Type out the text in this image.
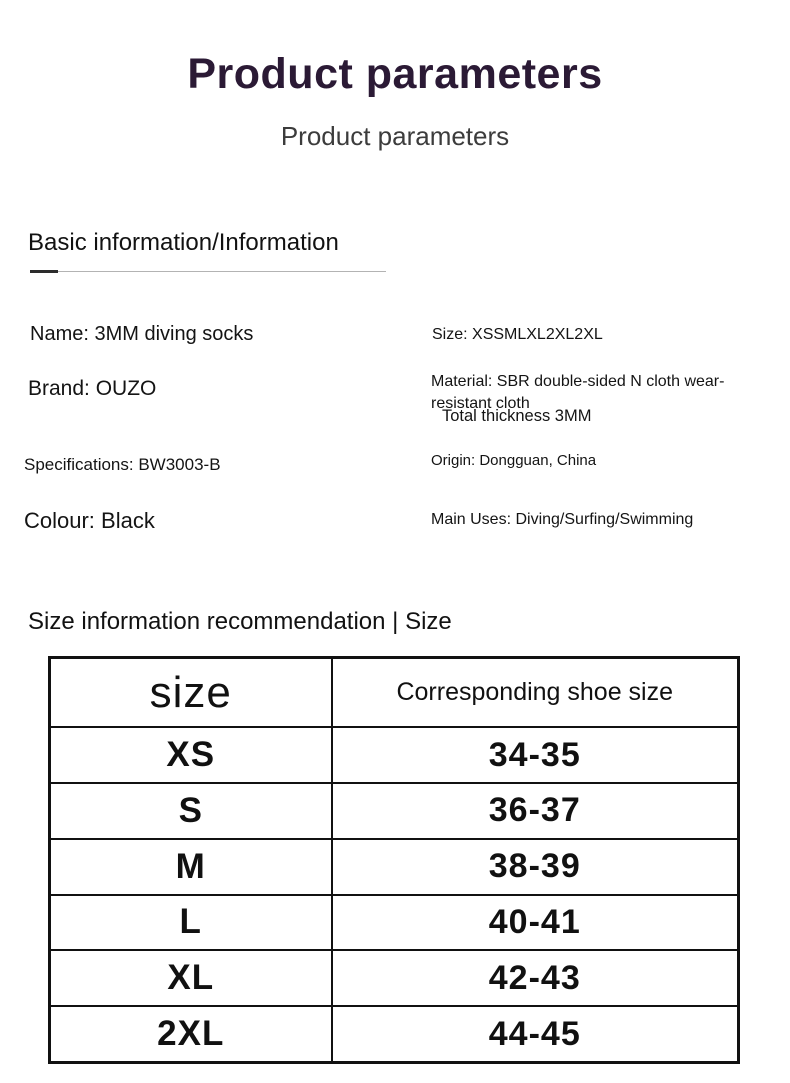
Product parameters
Product parameters
Basic information/Information
Name: 3MM diving socks
Brand: OUZO
Specifications: BW3003-B
Colour: Black
Size: XSSMLXL2XL2XL
Material: SBR double-sided N cloth wear-resistant cloth
Total thickness 3MM
Origin: Dongguan, China
Main Uses: Diving/Surfing/Swimming
Size information recommendation | Size
size	Corresponding shoe size
XS	34-35
S	36-37
M	38-39
L	40-41
XL	42-43
2XL	44-45
